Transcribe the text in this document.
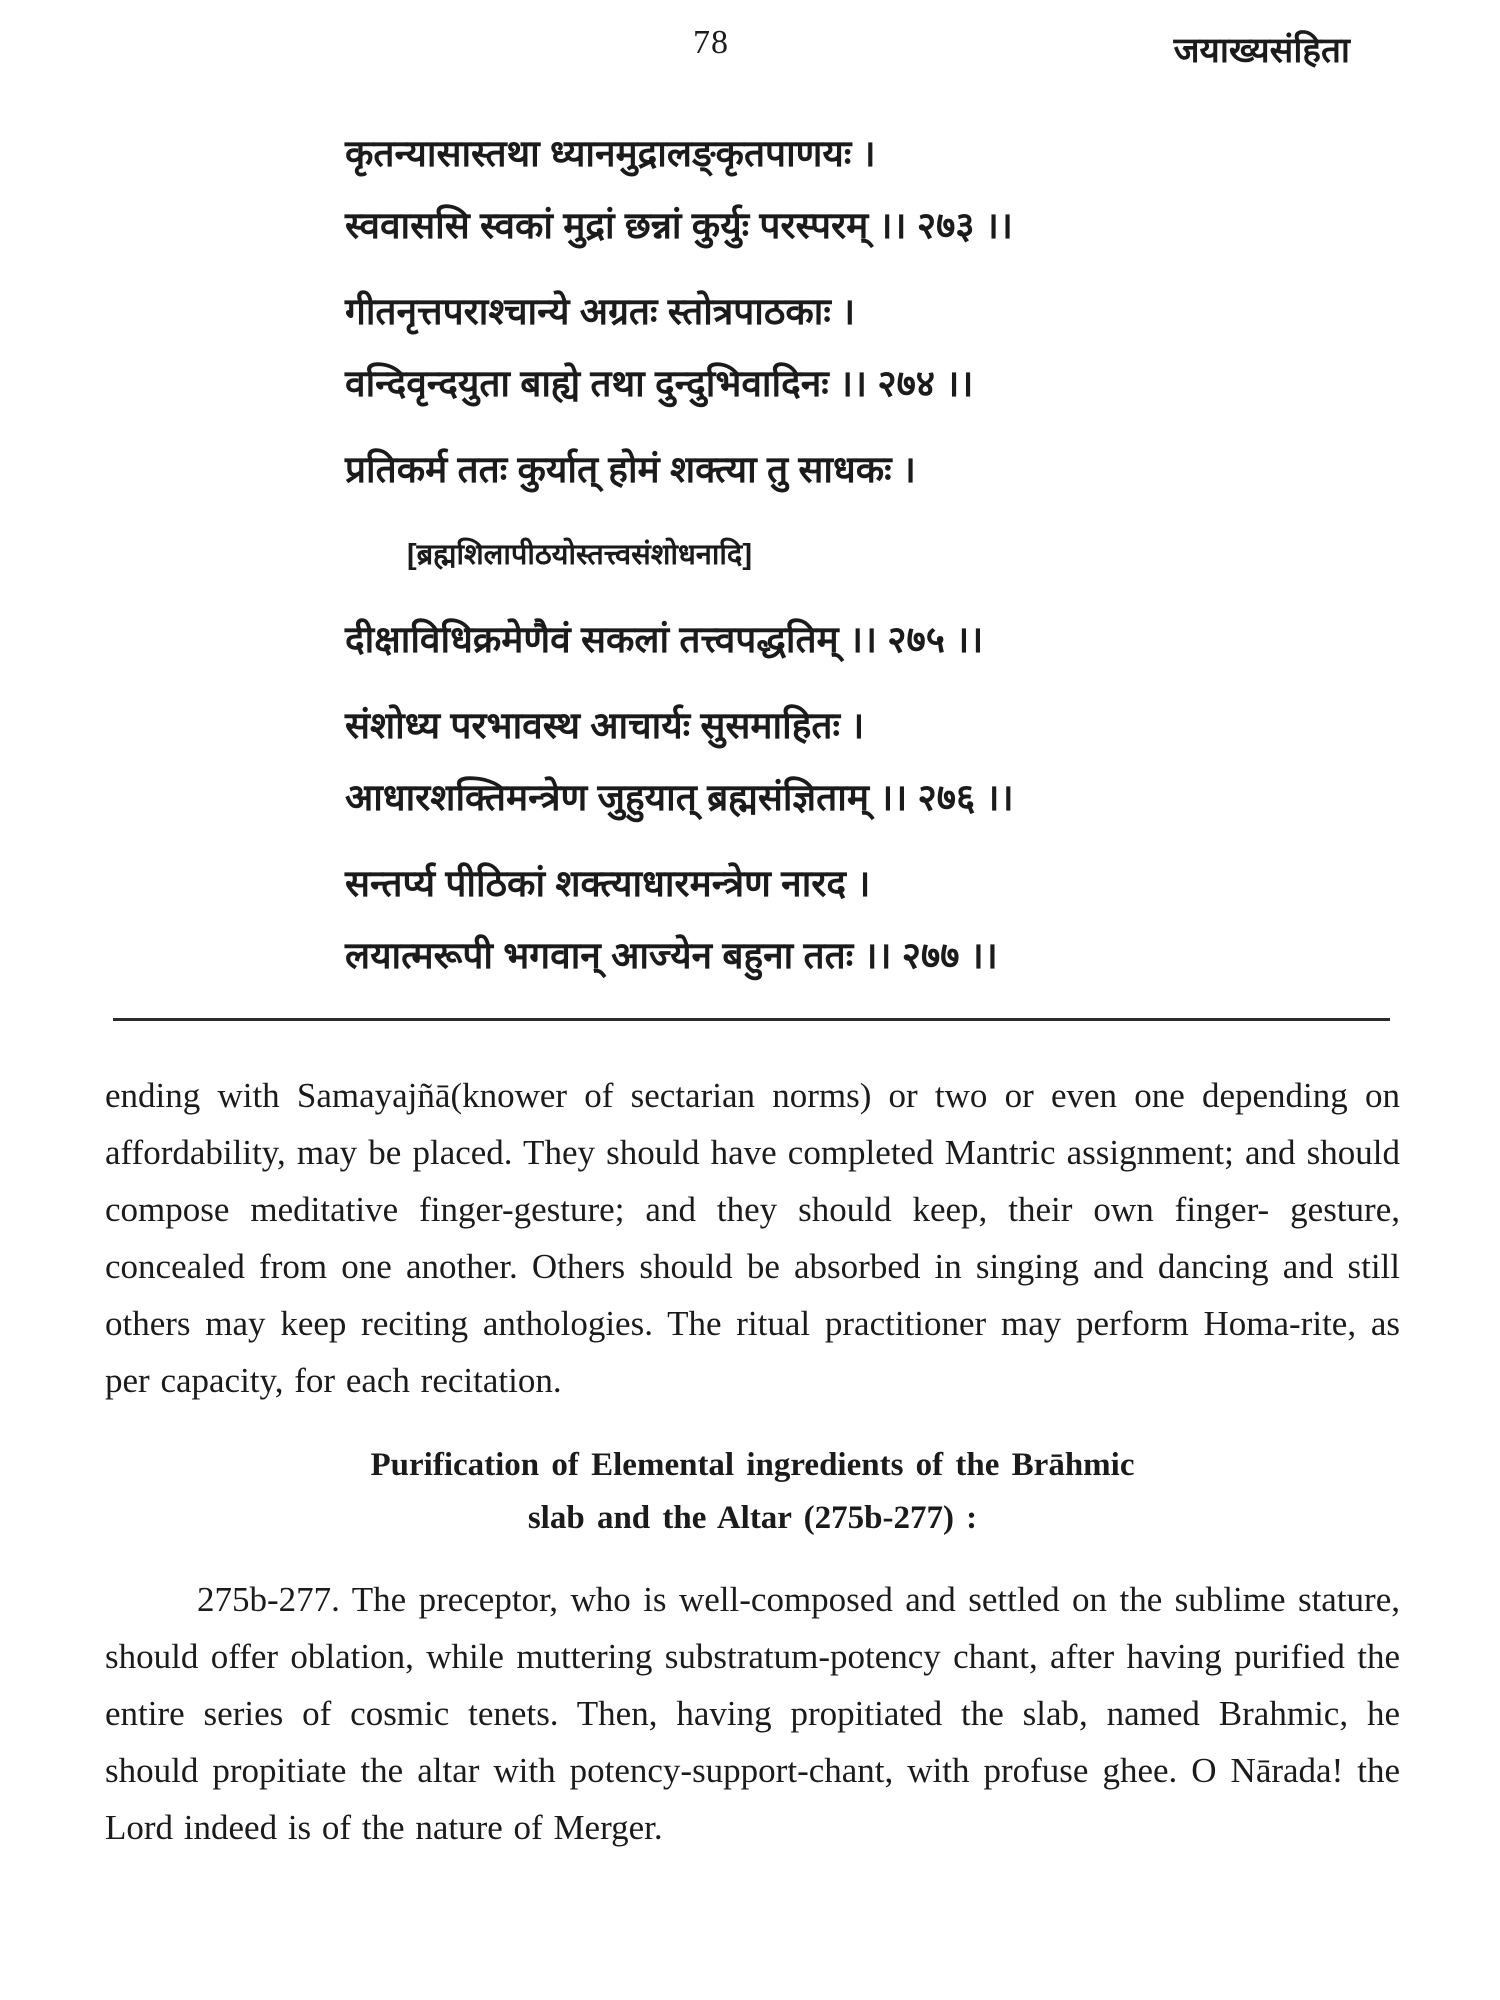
78	जयाख्यसंहिता
कृतन्यासास्तथा ध्यानमुद्रालङ्कृतपाणयः ।
स्ववाससि स्वकां मुद्रां छन्नां कुर्युः परस्परम् ।। २७३ ।।
गीतनृत्तपराश्चान्ये अग्रतः स्तोत्रपाठकाः ।
वन्दिवृन्दयुता बाह्ये तथा दुन्दुभिवादिनः ।। २७४ ।।
प्रतिकर्म ततः कुर्यात् होमं शक्त्या तु साधकः ।
[ब्रह्मशिलापीठयोस्तत्त्वसंशोधनादि]
दीक्षाविधिक्रमेणैवं सकलां तत्त्वपद्धतिम् ।। २७५ ।।
संशोध्य परभावस्थ आचार्यः सुसमाहितः ।
आधारशक्तिमन्त्रेण जुहुयात् ब्रह्मसंज्ञिताम् ।। २७६ ।।
सन्तर्प्य पीठिकां शक्त्याधारमन्त्रेण नारद ।
लयात्मरूपी भगवान् आज्येन बहुना ततः ।। २७७ ।।

ending with Samayajñā(knower of sectarian norms) or two or even one depending on affordability, may be placed. They should have completed Mantric assignment; and should compose meditative finger-gesture; and they should keep, their own finger- gesture, concealed from one another. Others should be absorbed in singing and dancing and still others may keep reciting anthologies. The ritual practitioner may perform Homa-rite, as per capacity, for each recitation.

Purification of Elemental ingredients of the Brāhmic
slab and the Altar (275b-277) :

275b-277. The preceptor, who is well-composed and settled on the sublime stature, should offer oblation, while muttering substratum-potency chant, after having purified the entire series of cosmic tenets. Then, having propitiated the slab, named Brahmic, he should propitiate the altar with potency-support-chant, with profuse ghee. O Nārada! the Lord indeed is of the nature of Merger.
